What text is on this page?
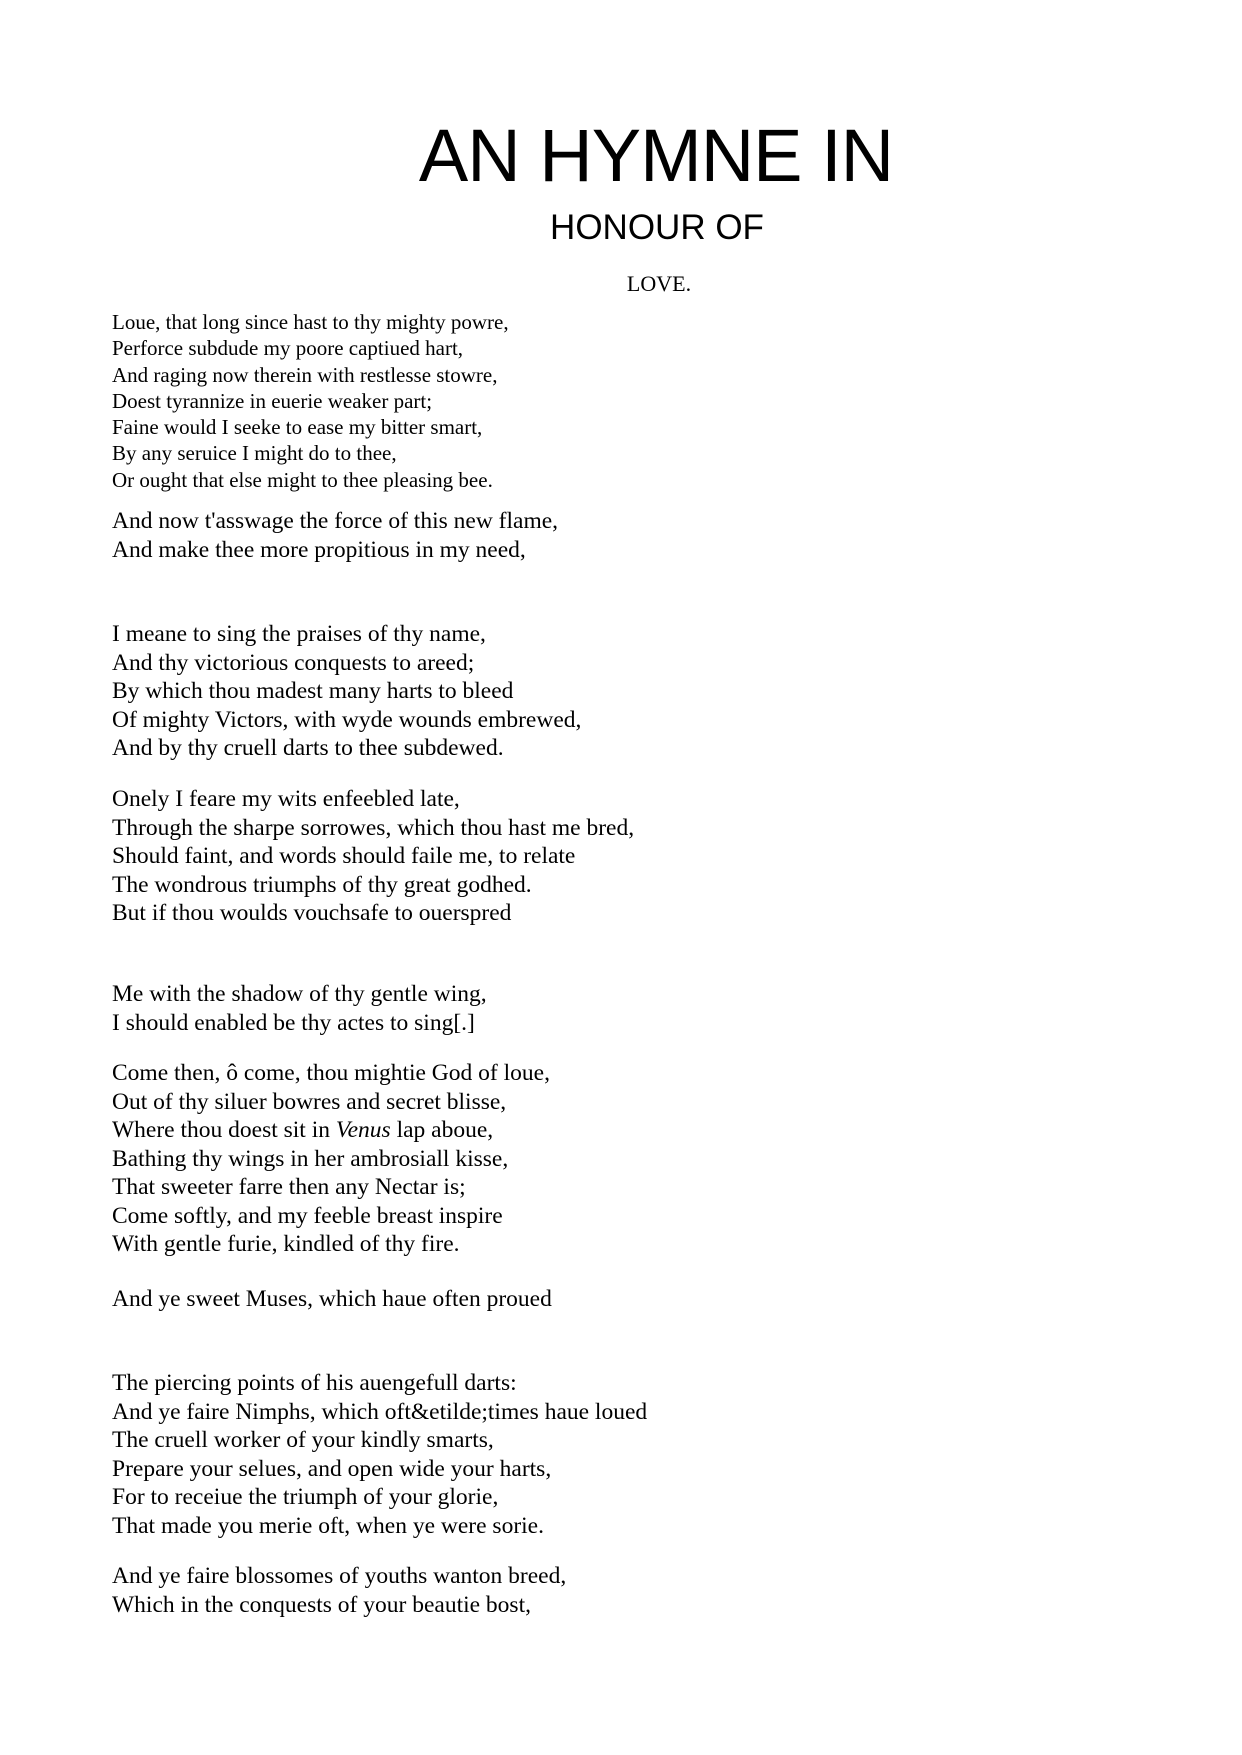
AN HYMNE IN
HONOUR OF
LOVE.
Loue, that long since hast to thy mighty powre,
Perforce subdude my poore captiued hart,
And raging now therein with restlesse stowre,
Doest tyrannize in euerie weaker part;
Faine would I seeke to ease my bitter smart,
By any seruice I might do to thee,
Or ought that else might to thee pleasing bee.
And now t'asswage the force of this new flame,
And make thee more propitious in my need,
I meane to sing the praises of thy name,
And thy victorious conquests to areed;
By which thou madest many harts to bleed
Of mighty Victors, with wyde wounds embrewed,
And by thy cruell darts to thee subdewed.
Onely I feare my wits enfeebled late,
Through the sharpe sorrowes, which thou hast me bred,
Should faint, and words should faile me, to relate
The wondrous triumphs of thy great godhed.
But if thou woulds vouchsafe to ouerspred
Me with the shadow of thy gentle wing,
I should enabled be thy actes to sing[.]
Come then, ô come, thou mightie God of loue,
Out of thy siluer bowres and secret blisse,
Where thou doest sit in Venus lap aboue,
Bathing thy wings in her ambrosiall kisse,
That sweeter farre then any Nectar is;
Come softly, and my feeble breast inspire
With gentle furie, kindled of thy fire.
And ye sweet Muses, which haue often proued
The piercing points of his auengefull darts:
And ye faire Nimphs, which oft&etilde;times haue loued
The cruell worker of your kindly smarts,
Prepare your selues, and open wide your harts,
For to receiue the triumph of your glorie,
That made you merie oft, when ye were sorie.
And ye faire blossomes of youths wanton breed,
Which in the conquests of your beautie bost,
